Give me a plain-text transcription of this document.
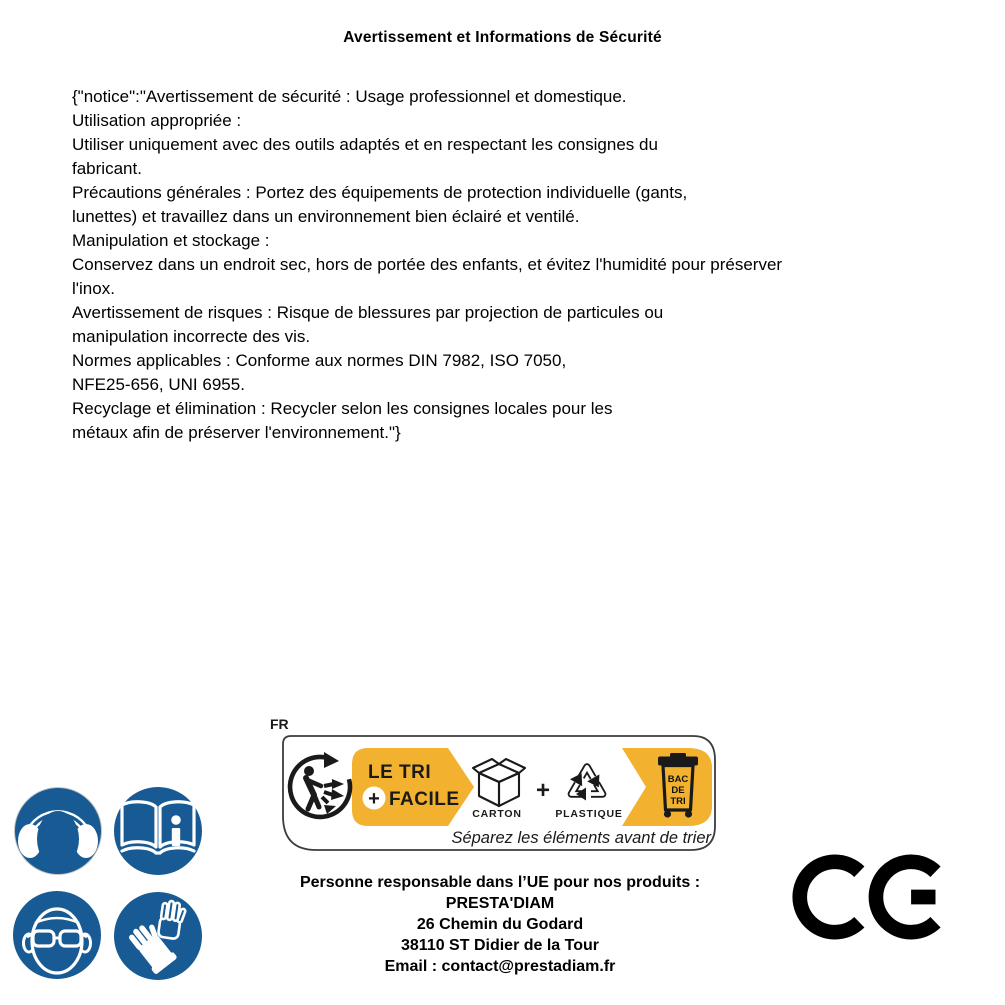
Avertissement et Informations de Sécurité
{"notice":"Avertissement de sécurité : Usage professionnel et domestique.
Utilisation appropriée :
Utiliser uniquement avec des outils adaptés et en respectant les consignes du
fabricant.
Précautions générales : Portez des équipements de protection individuelle (gants,
lunettes) et travaillez dans un environnement bien éclairé et ventilé.
Manipulation et stockage :
Conservez dans un endroit sec, hors de portée des enfants, et évitez l'humidité pour préserver
l'inox.
Avertissement de risques : Risque de blessures par projection de particules ou
manipulation incorrecte des vis.
Normes applicables : Conforme aux normes DIN 7982, ISO 7050,
NFE25-656, UNI 6955.
Recyclage et élimination : Recycler selon les consignes locales pour les
métaux afin de préserver l'environnement."}
FR
LE TRI
+ FACILE
CARTON
+
PLASTIQUE
BAC
DE
TRI
Séparez les éléments avant de trier
Personne responsable dans l’UE pour nos produits :
PRESTA'DIAM
26 Chemin du Godard
38110 ST Didier de la Tour
Email : contact@prestadiam.fr
